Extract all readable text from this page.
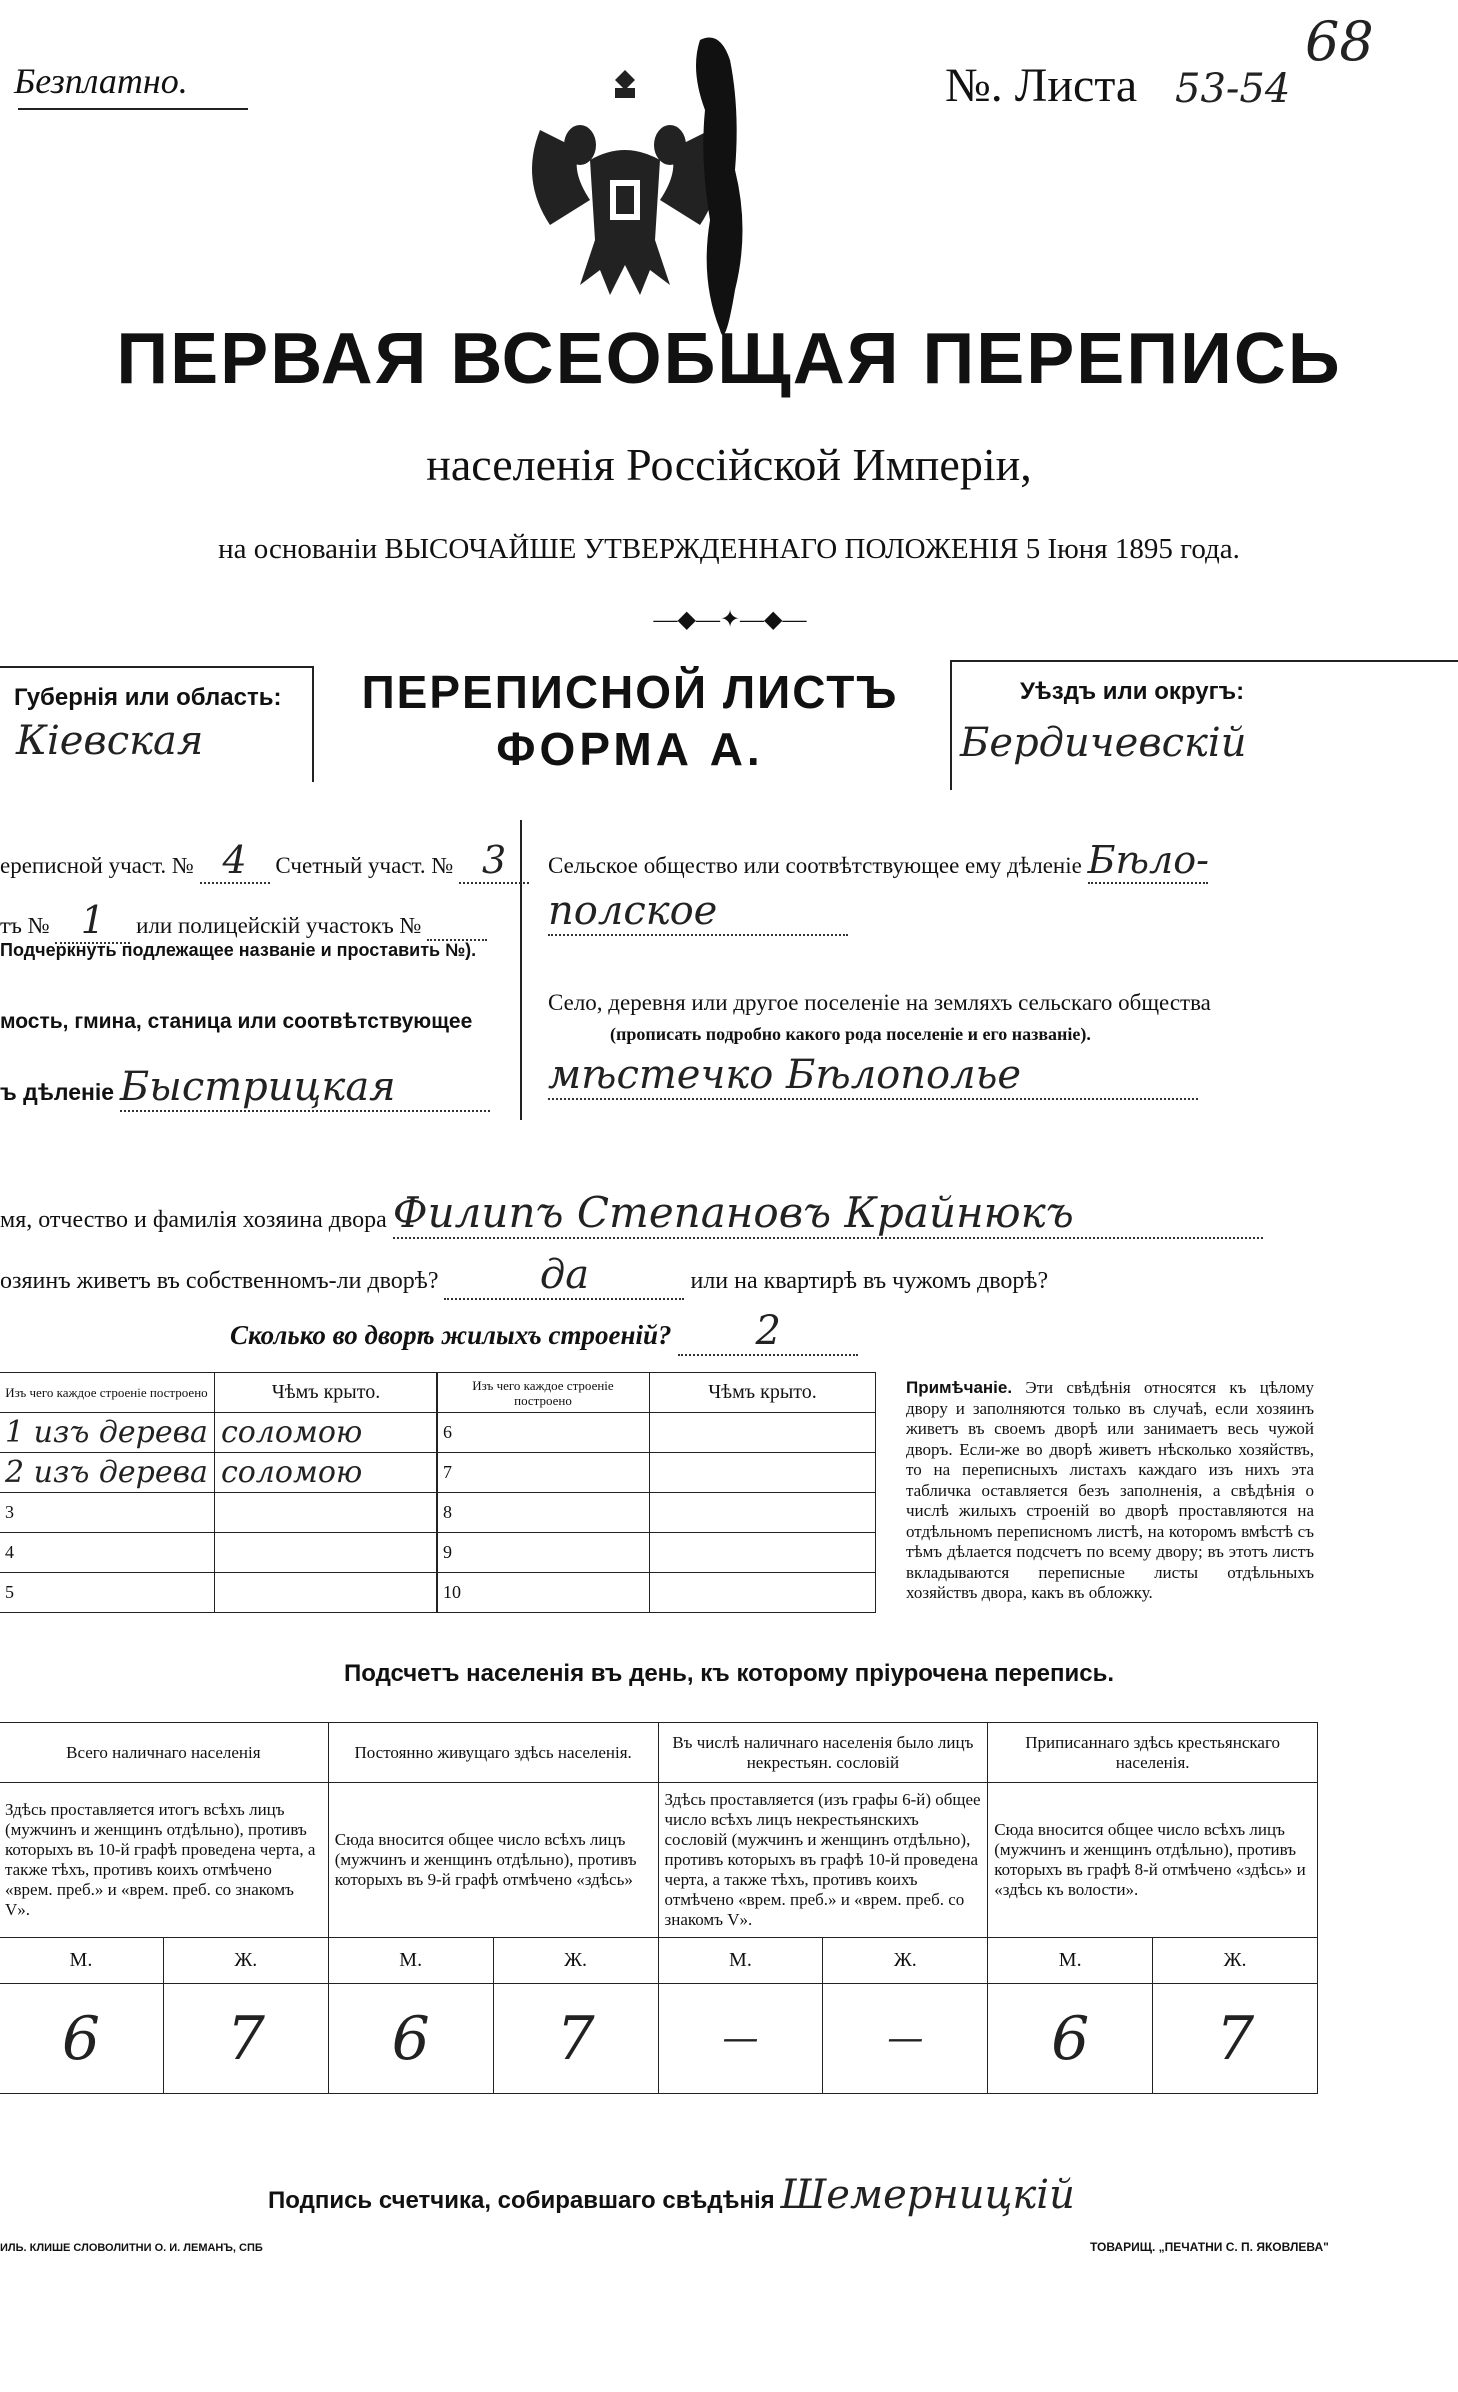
Безплатно.	№. Листа 53-54
68
ПЕРВАЯ ВСЕОБЩАЯ ПЕРЕПИСЬ
населенія Россійской Имперіи,
на основаніи ВЫСОЧАЙШЕ УТВЕРЖДЕННАГО ПОЛОЖЕНІЯ 5 Іюня 1895 года.
—◆—✦—◆—
Губернія или область:
Кіевская
ПЕРЕПИСНОЙ ЛИСТЪ
ФОРМА А.
Уѣздъ или округъ:
Бердичевскій
ереписной участ. № 4 Счетный участ. № 3
тъ № 1 или полицейскій участокъ №
Подчеркнуть подлежащее названіе и проставить №).
мость, гмина, станица или соотвѣтствующее
ъ дѣленіе Быстрицкая
Сельское общество или соотвѣтствующее ему дѣленіе Бѣло-
полское
Село, деревня или другое поселеніе на земляхъ сельскаго общества
(прописать подробно какого рода поселеніе и его названіе).
мѣстечко Бѣлополье
мя, отчество и фамилія хозяина двора Филипъ Степановъ Крайнюкъ
озяинъ живетъ въ собственномъ-ли дворѣ?	да	или на квартирѣ въ чужомъ дворѣ?
Сколько во дворѣ жилыхъ строеній? 2
Изъ чего каждое строеніе построено	Чѣмъ крыто.
1 изъ дерева	соломою
2 изъ дерева	соломою
3	
4	
5	
Изъ чего каждое строеніе построено	Чѣмъ крыто.
6	
7	
8	
9	
10	
Примѣчаніе. Эти свѣдѣнія относятся къ цѣлому двору и заполняются только въ случаѣ, если хозяинъ живетъ въ своемъ дворѣ или занимаетъ весь чужой дворъ. Если-же во дворѣ живетъ нѣсколько хозяйствъ, то на переписныхъ листахъ каждаго изъ нихъ эта табличка оставляется безъ заполненія, а свѣдѣнія о числѣ жилыхъ строеній во дворѣ проставляются на отдѣльномъ переписномъ листѣ, на которомъ вмѣстѣ съ тѣмъ дѣлается подсчетъ по всему двору; въ этотъ листъ вкладываются переписные листы отдѣльныхъ хозяйствъ двора, какъ въ обложку.
Подсчетъ населенія въ день, къ которому пріурочена перепись.
Всего наличнаго населенія		Постоянно живущаго здѣсь населенія.		Въ числѣ наличнаго населенія было лицъ некрестьян. сословій		Приписаннаго здѣсь крестьянскаго населенія.	
Здѣсь проставляется итогъ всѣхъ лицъ (мужчинъ и женщинъ отдѣльно), противъ которыхъ въ 10-й графѣ проведена черта, а также тѣхъ, противъ коихъ отмѣчено «врем. преб.» и «врем. преб. со знакомъ V».		Сюда вносится общее число всѣхъ лицъ (мужчинъ и женщинъ отдѣльно), противъ которыхъ въ 9-й графѣ отмѣчено «здѣсь»		Здѣсь проставляется (изъ графы 6-й) общее число всѣхъ лицъ некрестьянскихъ сословій (мужчинъ и женщинъ отдѣльно), противъ которыхъ въ графѣ 10-й проведена черта, а также тѣхъ, противъ коихъ отмѣчено «врем. преб.» и «врем. преб. со знакомъ V».		Сюда вносится общее число всѣхъ лицъ (мужчинъ и женщинъ отдѣльно), противъ которыхъ въ графѣ 8-й отмѣчено «здѣсь» и «здѣсь къ волости».	
М.	Ж.	М.	Ж.	М.	Ж.	М.	Ж.
6	7	6	7	—	—	6	7
Подпись счетчика, собиравшаго свѣдѣнія Шемерницкій
ИЛЬ. КЛИШЕ СЛОВОЛИТНИ О. И. ЛЕМАНЪ, СПБ	ТОВАРИЩ. „ПЕЧАТНИ С. П. ЯКОВЛЕВА"
